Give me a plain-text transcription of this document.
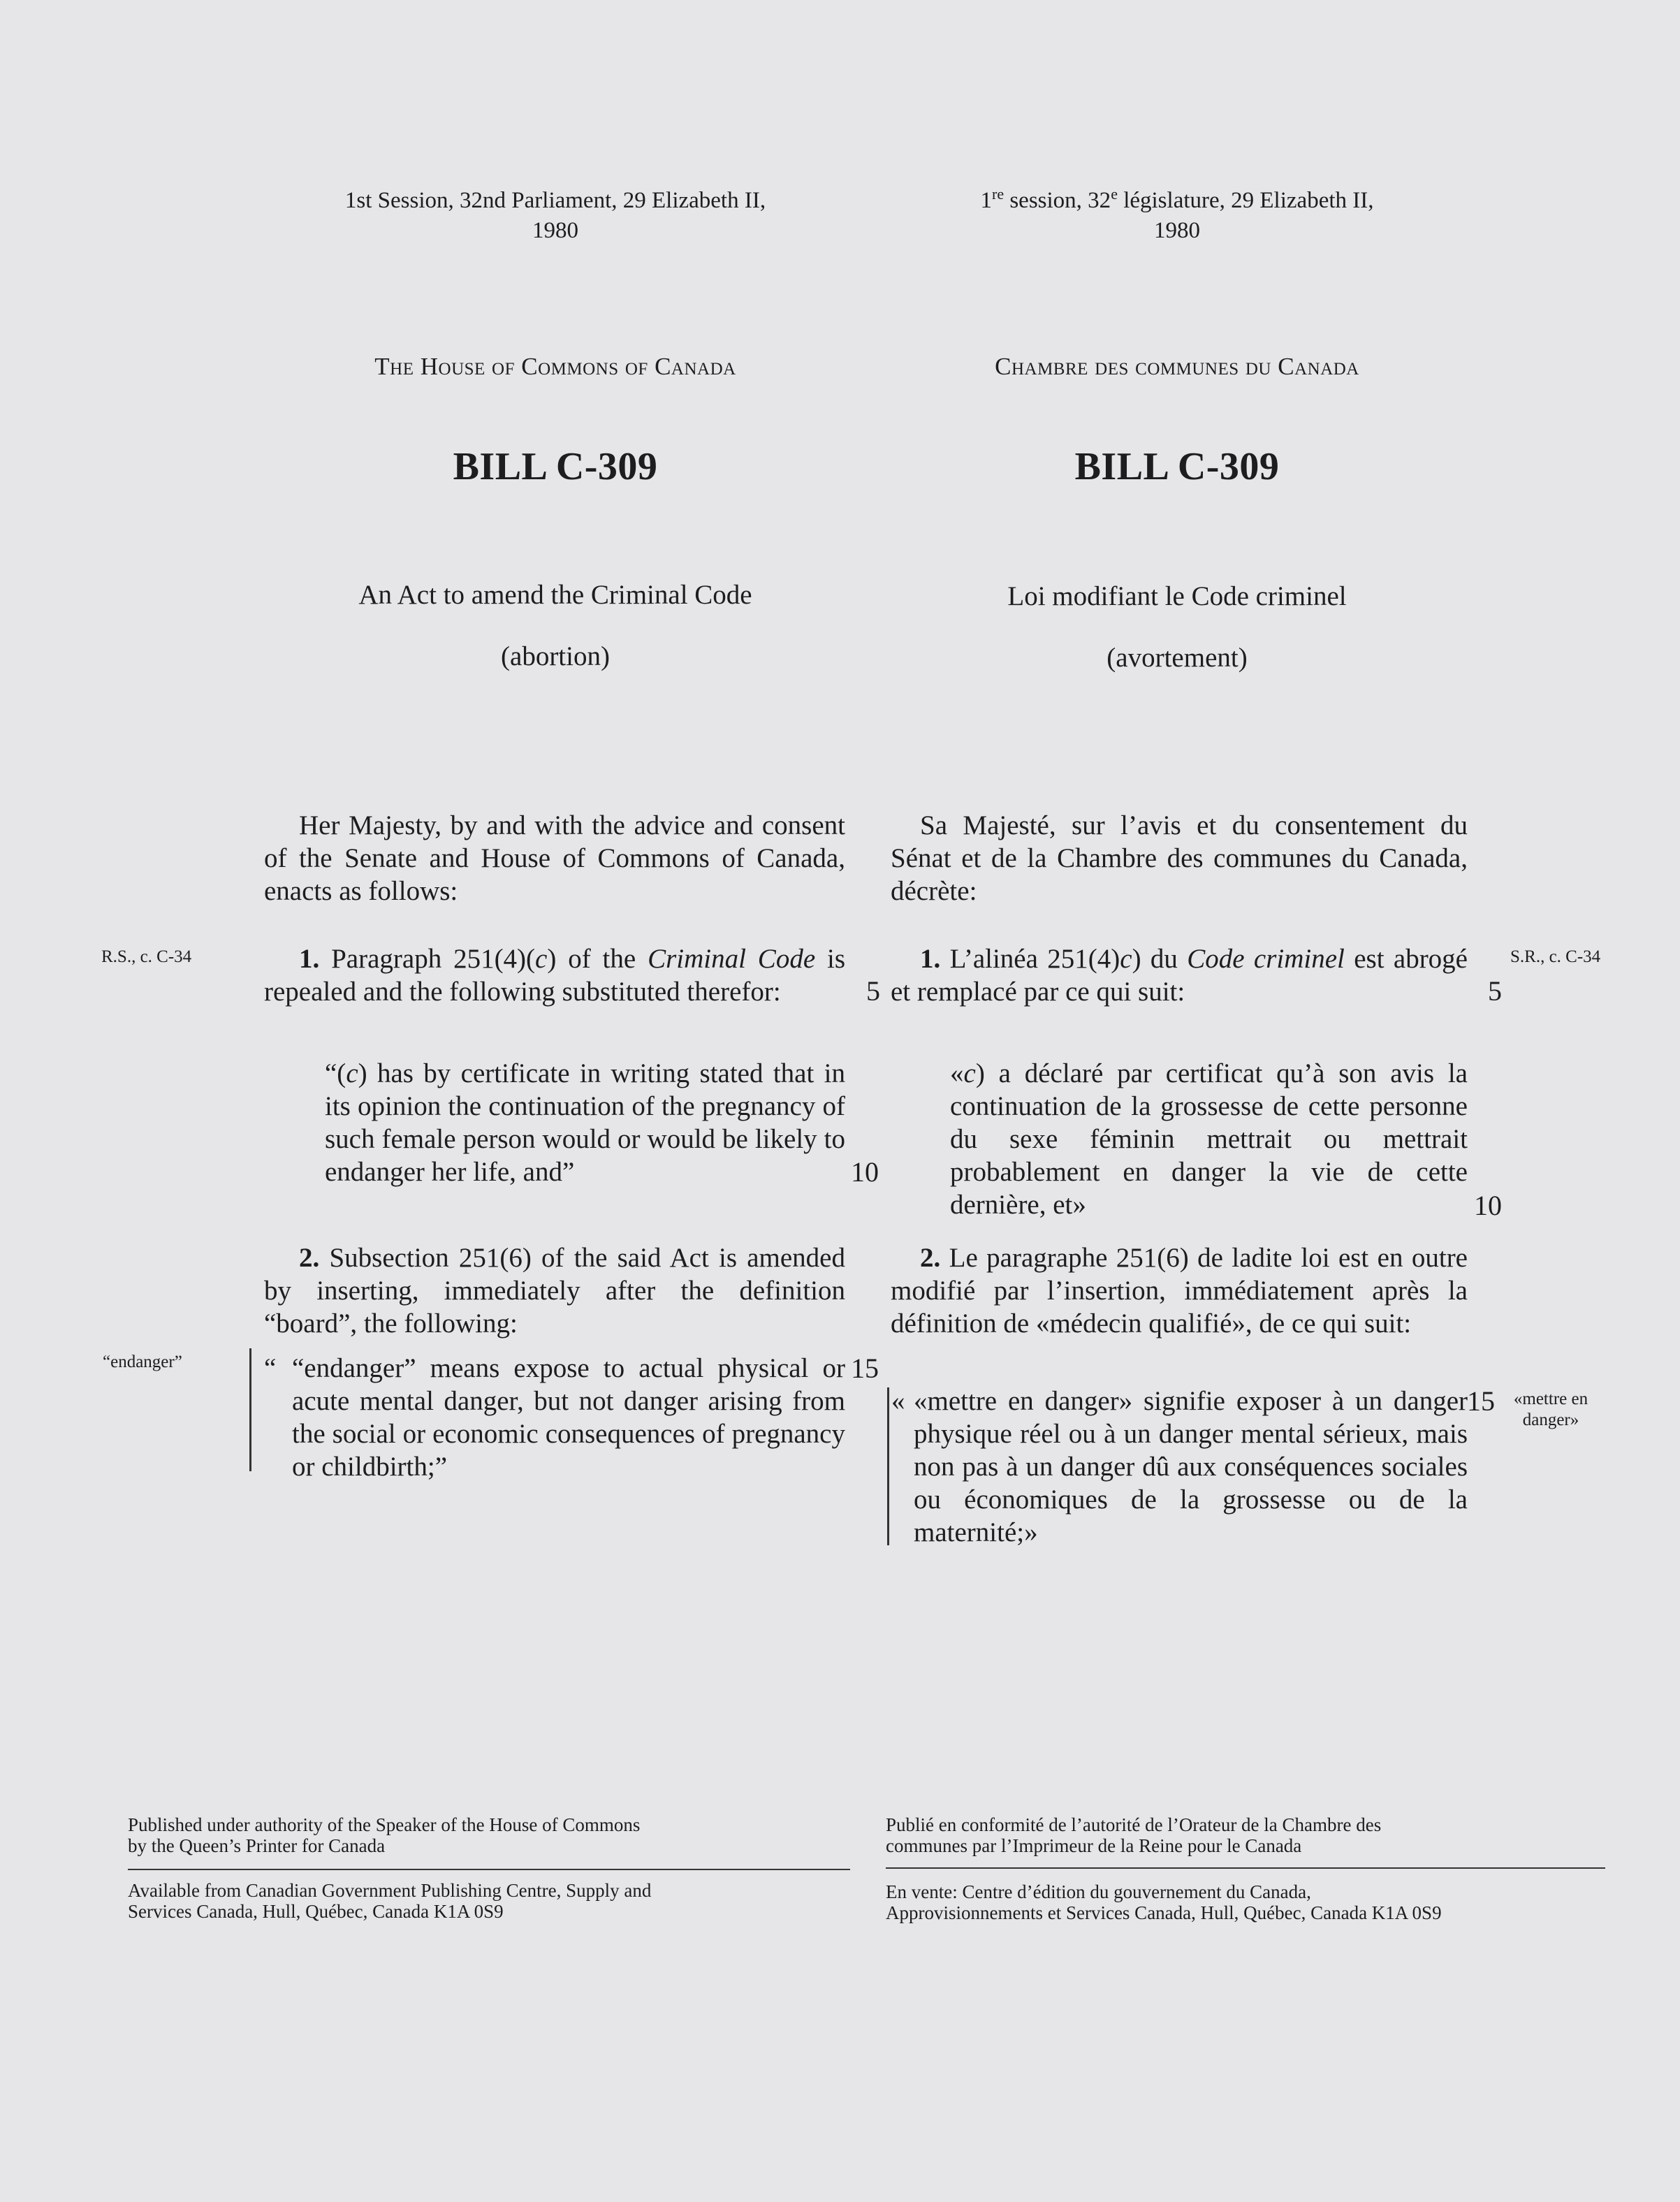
1st Session, 32nd Parliament, 29 Elizabeth II,
1980
1re session, 32e législature, 29 Elizabeth II,
1980
The House of Commons of Canada	Chambre des communes du Canada
BILL C-309	BILL C-309
An Act to amend the Criminal Code
(abortion)
Loi modifiant le Code criminel
(avortement)
Her Majesty, by and with the advice and consent of the Senate and House of Commons of Canada, enacts as follows:
1. Paragraph 251(4)(c) of the Criminal Code is repealed and the following substituted therefor:
“(c) has by certificate in writing stated that in its opinion the continuation of the pregnancy of such female person would or would be likely to endanger her life, and”
2. Subsection 251(6) of the said Act is amended by inserting, immediately after the definition “board”, the following:
“ “endanger” means expose to actual physical or acute mental danger, but not danger arising from the social or economic consequences of pregnancy or childbirth;”
5
10
15
Sa Majesté, sur l’avis et du consentement du Sénat et de la Chambre des communes du Canada, décrète:
1. L’alinéa 251(4)c) du Code criminel est abrogé et remplacé par ce qui suit:
«c) a déclaré par certificat qu’à son avis la continuation de la grossesse de cette personne du sexe féminin mettrait ou mettrait probablement en danger la vie de cette dernière, et»
2. Le paragraphe 251(6) de ladite loi est en outre modifié par l’insertion, immédiatement après la définition de «médecin qualifié», de ce qui suit:
« «mettre en danger» signifie exposer à un danger physique réel ou à un danger mental sérieux, mais non pas à un danger dû aux conséquences sociales ou économiques de la grossesse ou de la maternité;»
5
10
15
R.S., c. C-34
“endanger”
S.R., c. C-34
«mettre en
danger»
Published under authority of the Speaker of the House of Commons
by the Queen’s Printer for Canada
Available from Canadian Government Publishing Centre, Supply and
Services Canada, Hull, Québec, Canada K1A 0S9
Publié en conformité de l’autorité de l’Orateur de la Chambre des
communes par l’Imprimeur de la Reine pour le Canada
En vente: Centre d’édition du gouvernement du Canada,
Approvisionnements et Services Canada, Hull, Québec, Canada K1A 0S9
